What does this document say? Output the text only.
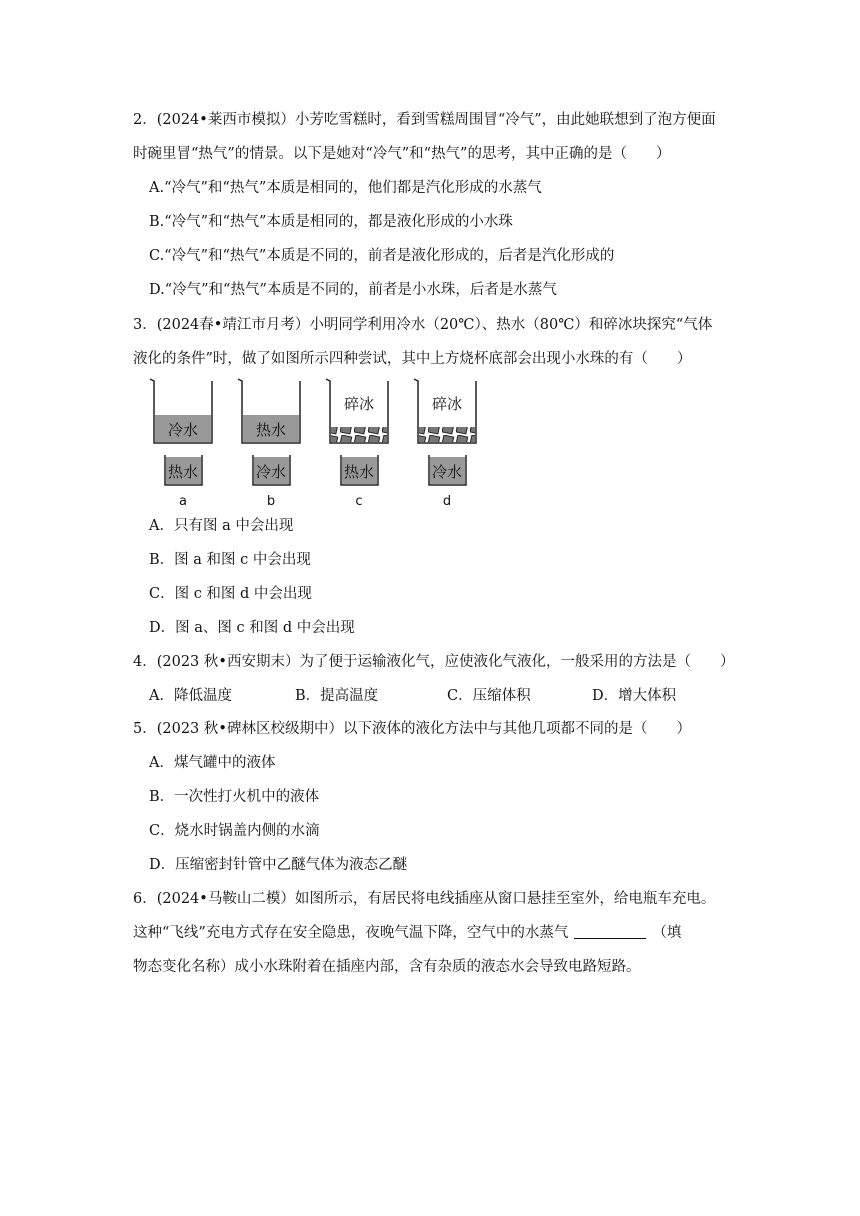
2．(2024•莱西市模拟）小芳吃雪糕时，看到雪糕周围冒“冷气”，由此她联想到了泡方便面

时碗里冒“热气”的情景。以下是她对“冷气”和“热气”的思考，其中正确的是（　　）

A.“冷气”和“热气”本质是相同的，他们都是汽化形成的水蒸气
B.“冷气”和“热气”本质是相同的，都是液化形成的小水珠
C.“冷气”和“热气”本质是不同的，前者是液化形成的，后者是汽化形成的
D.“冷气”和“热气”本质是不同的，前者是小水珠，后者是水蒸气

3．(2024春•靖江市月考）小明同学利用冷水（20℃）、热水（80℃）和碎冰块探究“气体

液化的条件”时，做了如图所示四种尝试，其中上方烧杯底部会出现小水珠的有（　　）

冷水
热水
a
热水
冷水
b
碎冰
热水
c
碎冰
冷水
d
A．只有图 a 中会出现
B．图 a 和图 c 中会出现
C．图 c 和图 d 中会出现
D．图 a、图 c 和图 d 中会出现

4．(2023 秋•西安期末）为了便于运输液化气，应使液化气液化，一般采用的方法是（　　）

A．降低温度	B．提高温度	C．压缩体积	D．增大体积

5．(2023 秋•碑林区校级期中）以下液体的液化方法中与其他几项都不同的是（　　）

A．煤气罐中的液体
B．一次性打火机中的液体
C．烧水时锅盖内侧的水滴
D．压缩密封针管中乙醚气体为液态乙醚

6．(2024•马鞍山二模）如图所示，有居民将电线插座从窗口悬挂至室外，给电瓶车充电。

这种“飞线”充电方式存在安全隐患，夜晚气温下降，空气中的水蒸气	（填

物态变化名称）成小水珠附着在插座内部，含有杂质的液态水会导致电路短路。
